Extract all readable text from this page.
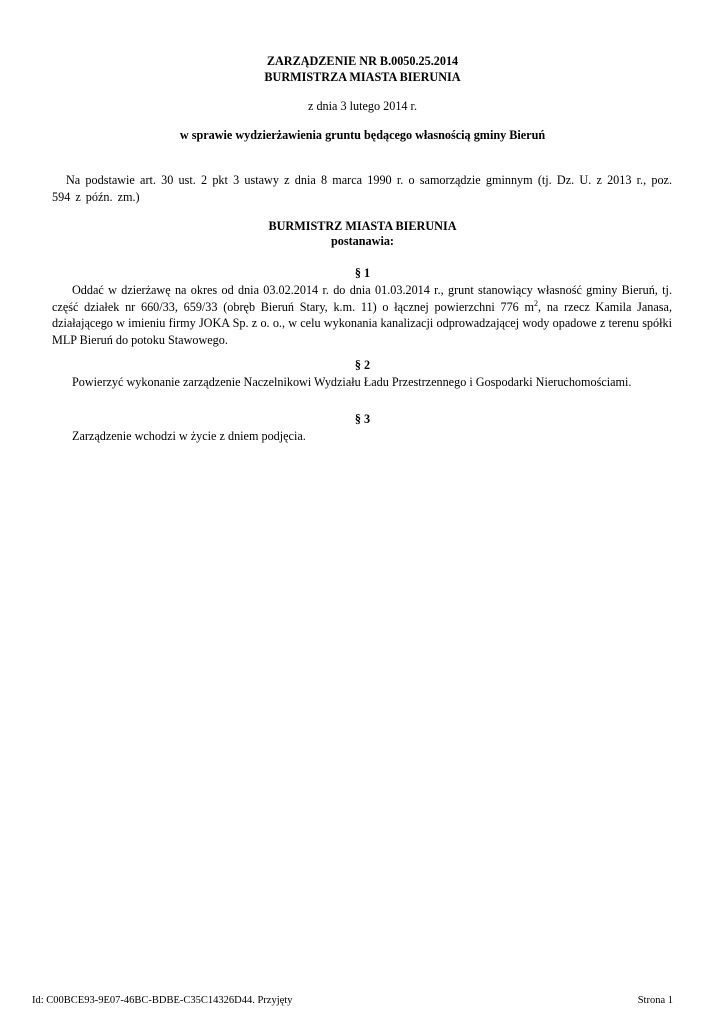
ZARZĄDZENIE NR B.0050.25.2014
BURMISTRZA MIASTA BIERUNIA
z dnia 3 lutego 2014 r.
w sprawie wydzierżawienia gruntu będącego własnością gminy Bieruń
Na podstawie art. 30 ust. 2 pkt 3 ustawy z dnia 8 marca 1990 r. o samorządzie gminnym (tj. Dz. U. z 2013 r., poz. 594 z późn. zm.)
BURMISTRZ MIASTA BIERUNIA
postanawia:
§ 1
Oddać w dzierżawę na okres od dnia 03.02.2014 r. do dnia 01.03.2014 r., grunt stanowiący własność gminy Bieruń, tj. część działek nr 660/33, 659/33 (obręb Bieruń Stary, k.m. 11) o łącznej powierzchni 776 $m^2$, na rzecz Kamila Janasa, działającego w imieniu firmy JOKA Sp. z o. o., w celu wykonania kanalizacji odprowadzającej wody opadowe z terenu spółki MLP Bieruń do potoku Stawowego.
§ 2
Powierzyć wykonanie zarządzenie Naczelnikowi Wydziału Ładu Przestrzennego i Gospodarki Nieruchomościami.
§ 3
Zarządzenie wchodzi w życie z dniem podjęcia.
Id: C00BCE93-9E07-46BC-BDBE-C35C14326D44. Przyjęty	Strona 1
